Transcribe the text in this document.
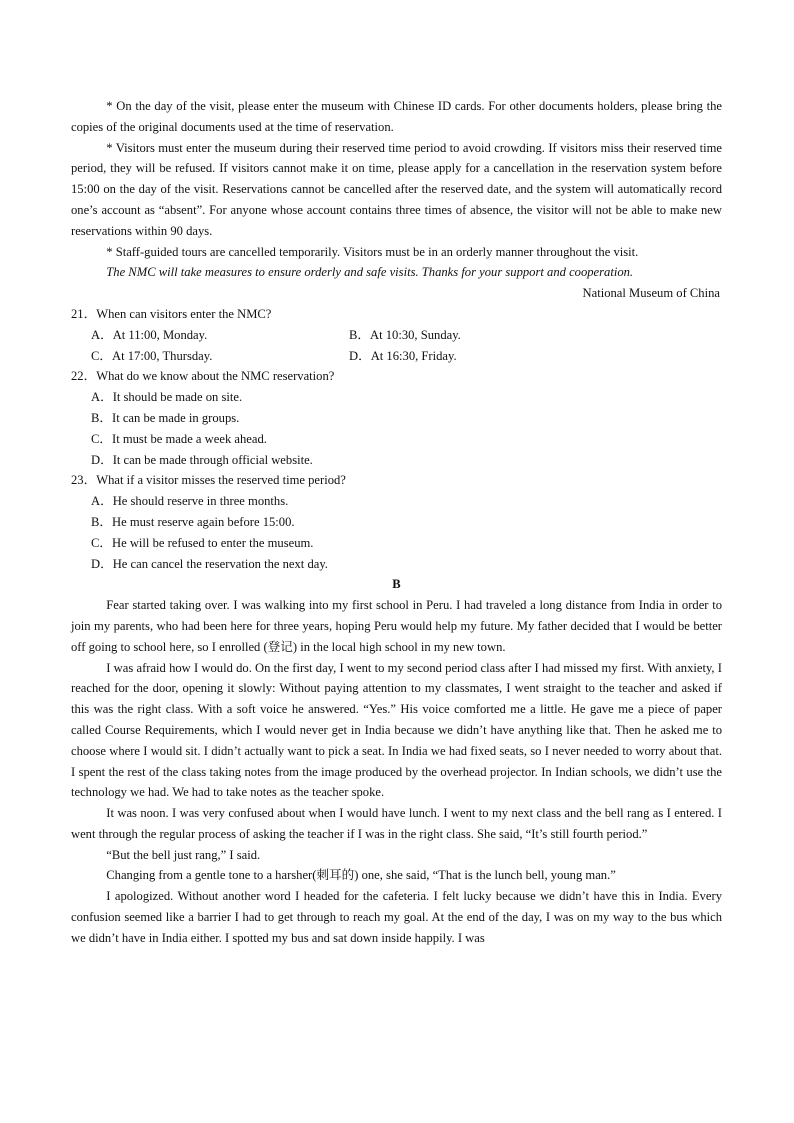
* On the day of the visit, please enter the museum with Chinese ID cards. For other documents holders, please bring the copies of the original documents used at the time of reservation.

* Visitors must enter the museum during their reserved time period to avoid crowding. If visitors miss their reserved time period, they will be refused. If visitors cannot make it on time, please apply for a cancellation in the reservation system before 15:00 on the day of the visit. Reservations cannot be cancelled after the reserved date, and the system will automatically record one’s account as “absent”. For anyone whose account contains three times of absence, the visitor will not be able to make new reservations within 90 days.

* Staff-guided tours are cancelled temporarily. Visitors must be in an orderly manner throughout the visit.

The NMC will take measures to ensure orderly and safe visits. Thanks for your support and cooperation.

National Museum of China

21．When can visitors enter the NMC?

A．At 11:00, Monday.	B．At 10:30, Sunday.

C．At 17:00, Thursday.	D．At 16:30, Friday.

22．What do we know about the NMC reservation?

A．It should be made on site.

B．It can be made in groups.

C．It must be made a week ahead.

D．It can be made through official website.

23．What if a visitor misses the reserved time period?

A．He should reserve in three months.

B．He must reserve again before 15:00.

C．He will be refused to enter the museum.

D．He can cancel the reservation the next day.

B

Fear started taking over. I was walking into my first school in Peru. I had traveled a long distance from India in order to join my parents, who had been here for three years, hoping Peru would help my future. My father decided that I would be better off going to school here, so I enrolled (登记) in the local high school in my new town.

I was afraid how I would do. On the first day, I went to my second period class after I had missed my first. With anxiety, I reached for the door, opening it slowly: Without paying attention to my classmates, I went straight to the teacher and asked if this was the right class. With a soft voice he answered. “Yes.” His voice comforted me a little. He gave me a piece of paper called Course Requirements, which I would never get in India because we didn’t have anything like that. Then he asked me to choose where I would sit. I didn’t actually want to pick a seat. In India we had fixed seats, so I never needed to worry about that. I spent the rest of the class taking notes from the image produced by the overhead projector. In Indian schools, we didn’t use the technology we had. We had to take notes as the teacher spoke.

It was noon. I was very confused about when I would have lunch. I went to my next class and the bell rang as I entered. I went through the regular process of asking the teacher if I was in the right class. She said, “It’s still fourth period.”

“But the bell just rang,” I said.

Changing from a gentle tone to a harsher(刺耳的) one, she said, “That is the lunch bell, young man.”

I apologized. Without another word I headed for the cafeteria. I felt lucky because we didn’t have this in India. Every confusion seemed like a barrier I had to get through to reach my goal. At the end of the day, I was on my way to the bus which we didn’t have in India either. I spotted my bus and sat down inside happily. I was
